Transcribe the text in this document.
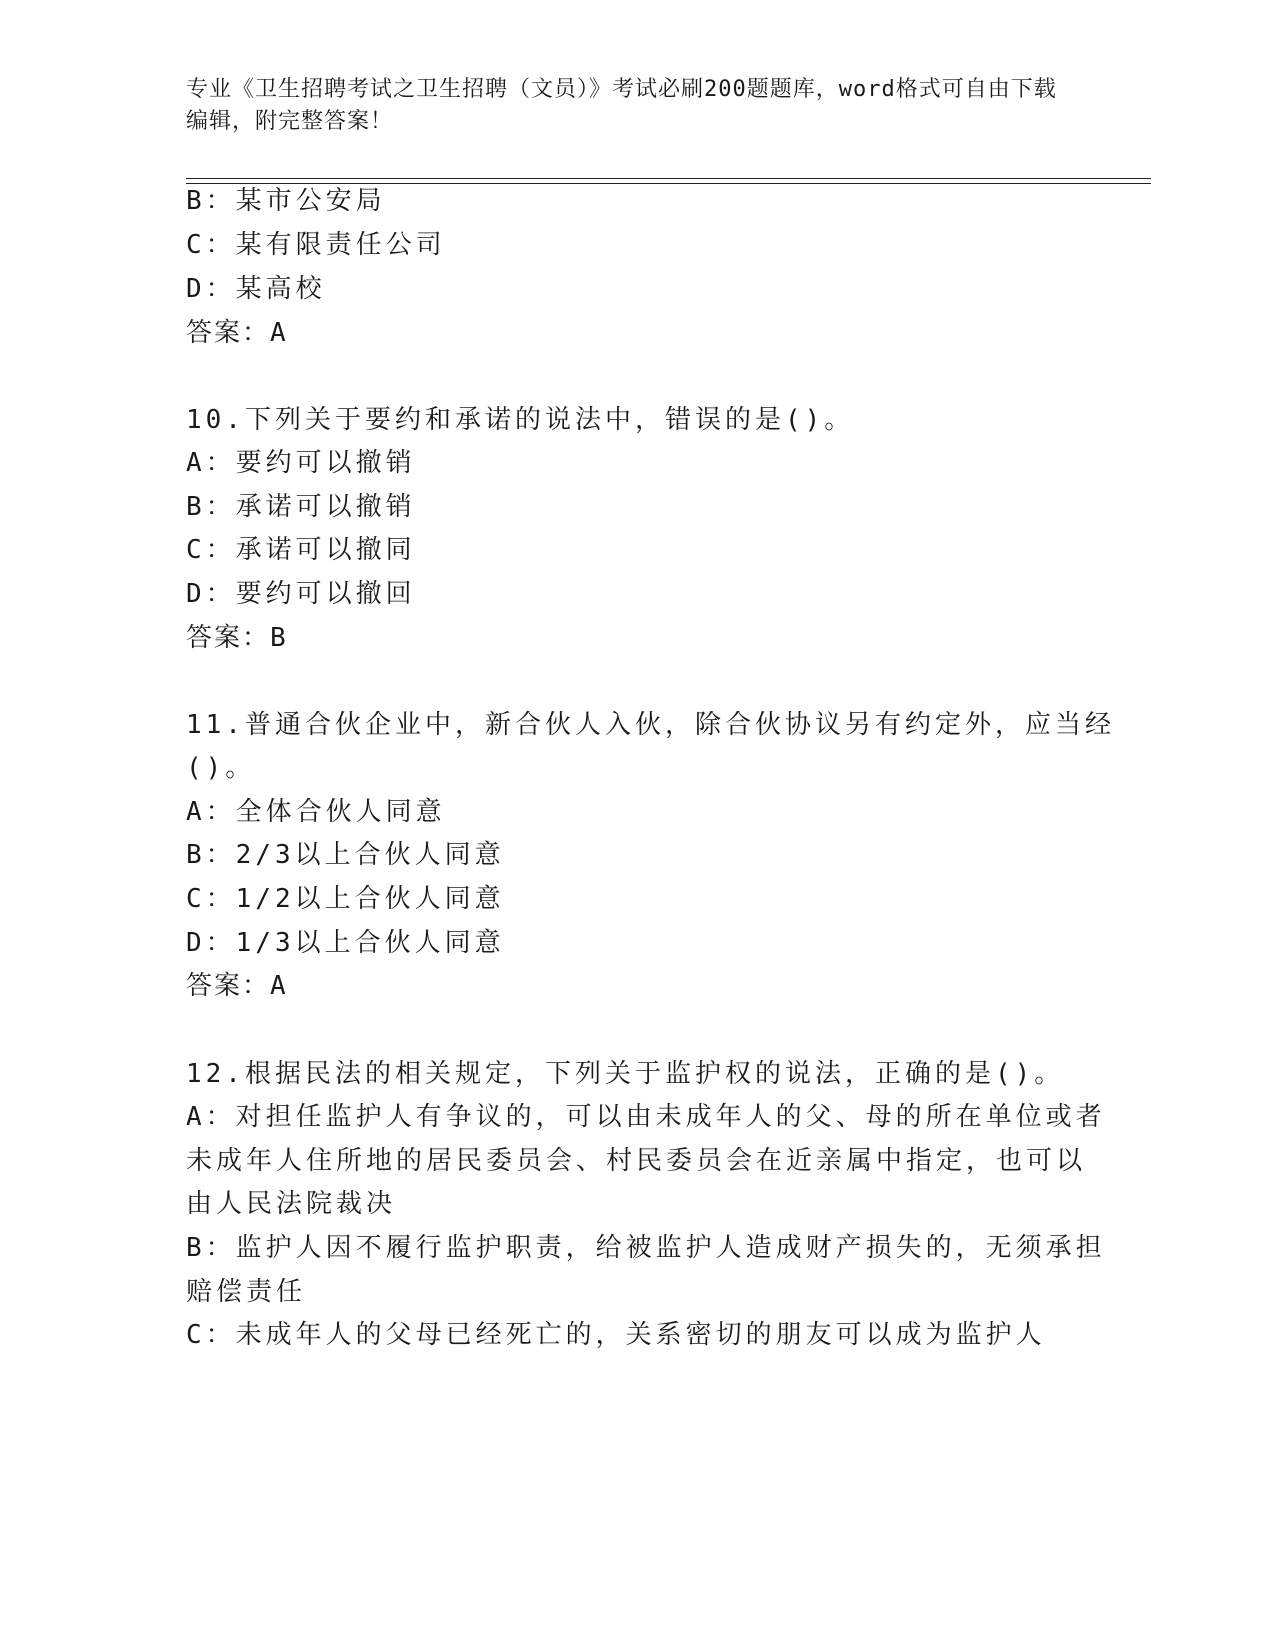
专业《卫生招聘考试之卫生招聘（文员）》考试必刷200题题库，word格式可自由下载编辑，附完整答案！
B：某市公安局
C：某有限责任公司
D：某高校
答案：A
10.下列关于要约和承诺的说法中，错误的是()。
A：要约可以撤销
B：承诺可以撤销
C：承诺可以撤同
D：要约可以撤回
答案：B
11.普通合伙企业中，新合伙人入伙，除合伙协议另有约定外，应当经
()。
A：全体合伙人同意
B：2/3以上合伙人同意
C：1/2以上合伙人同意
D：1/3以上合伙人同意
答案：A
12.根据民法的相关规定，下列关于监护权的说法，正确的是()。
A：对担任监护人有争议的，可以由未成年人的父、母的所在单位或者
未成年人住所地的居民委员会、村民委员会在近亲属中指定，也可以
由人民法院裁决
B：监护人因不履行监护职责，给被监护人造成财产损失的，无须承担
赔偿责任
C：未成年人的父母已经死亡的，关系密切的朋友可以成为监护人
